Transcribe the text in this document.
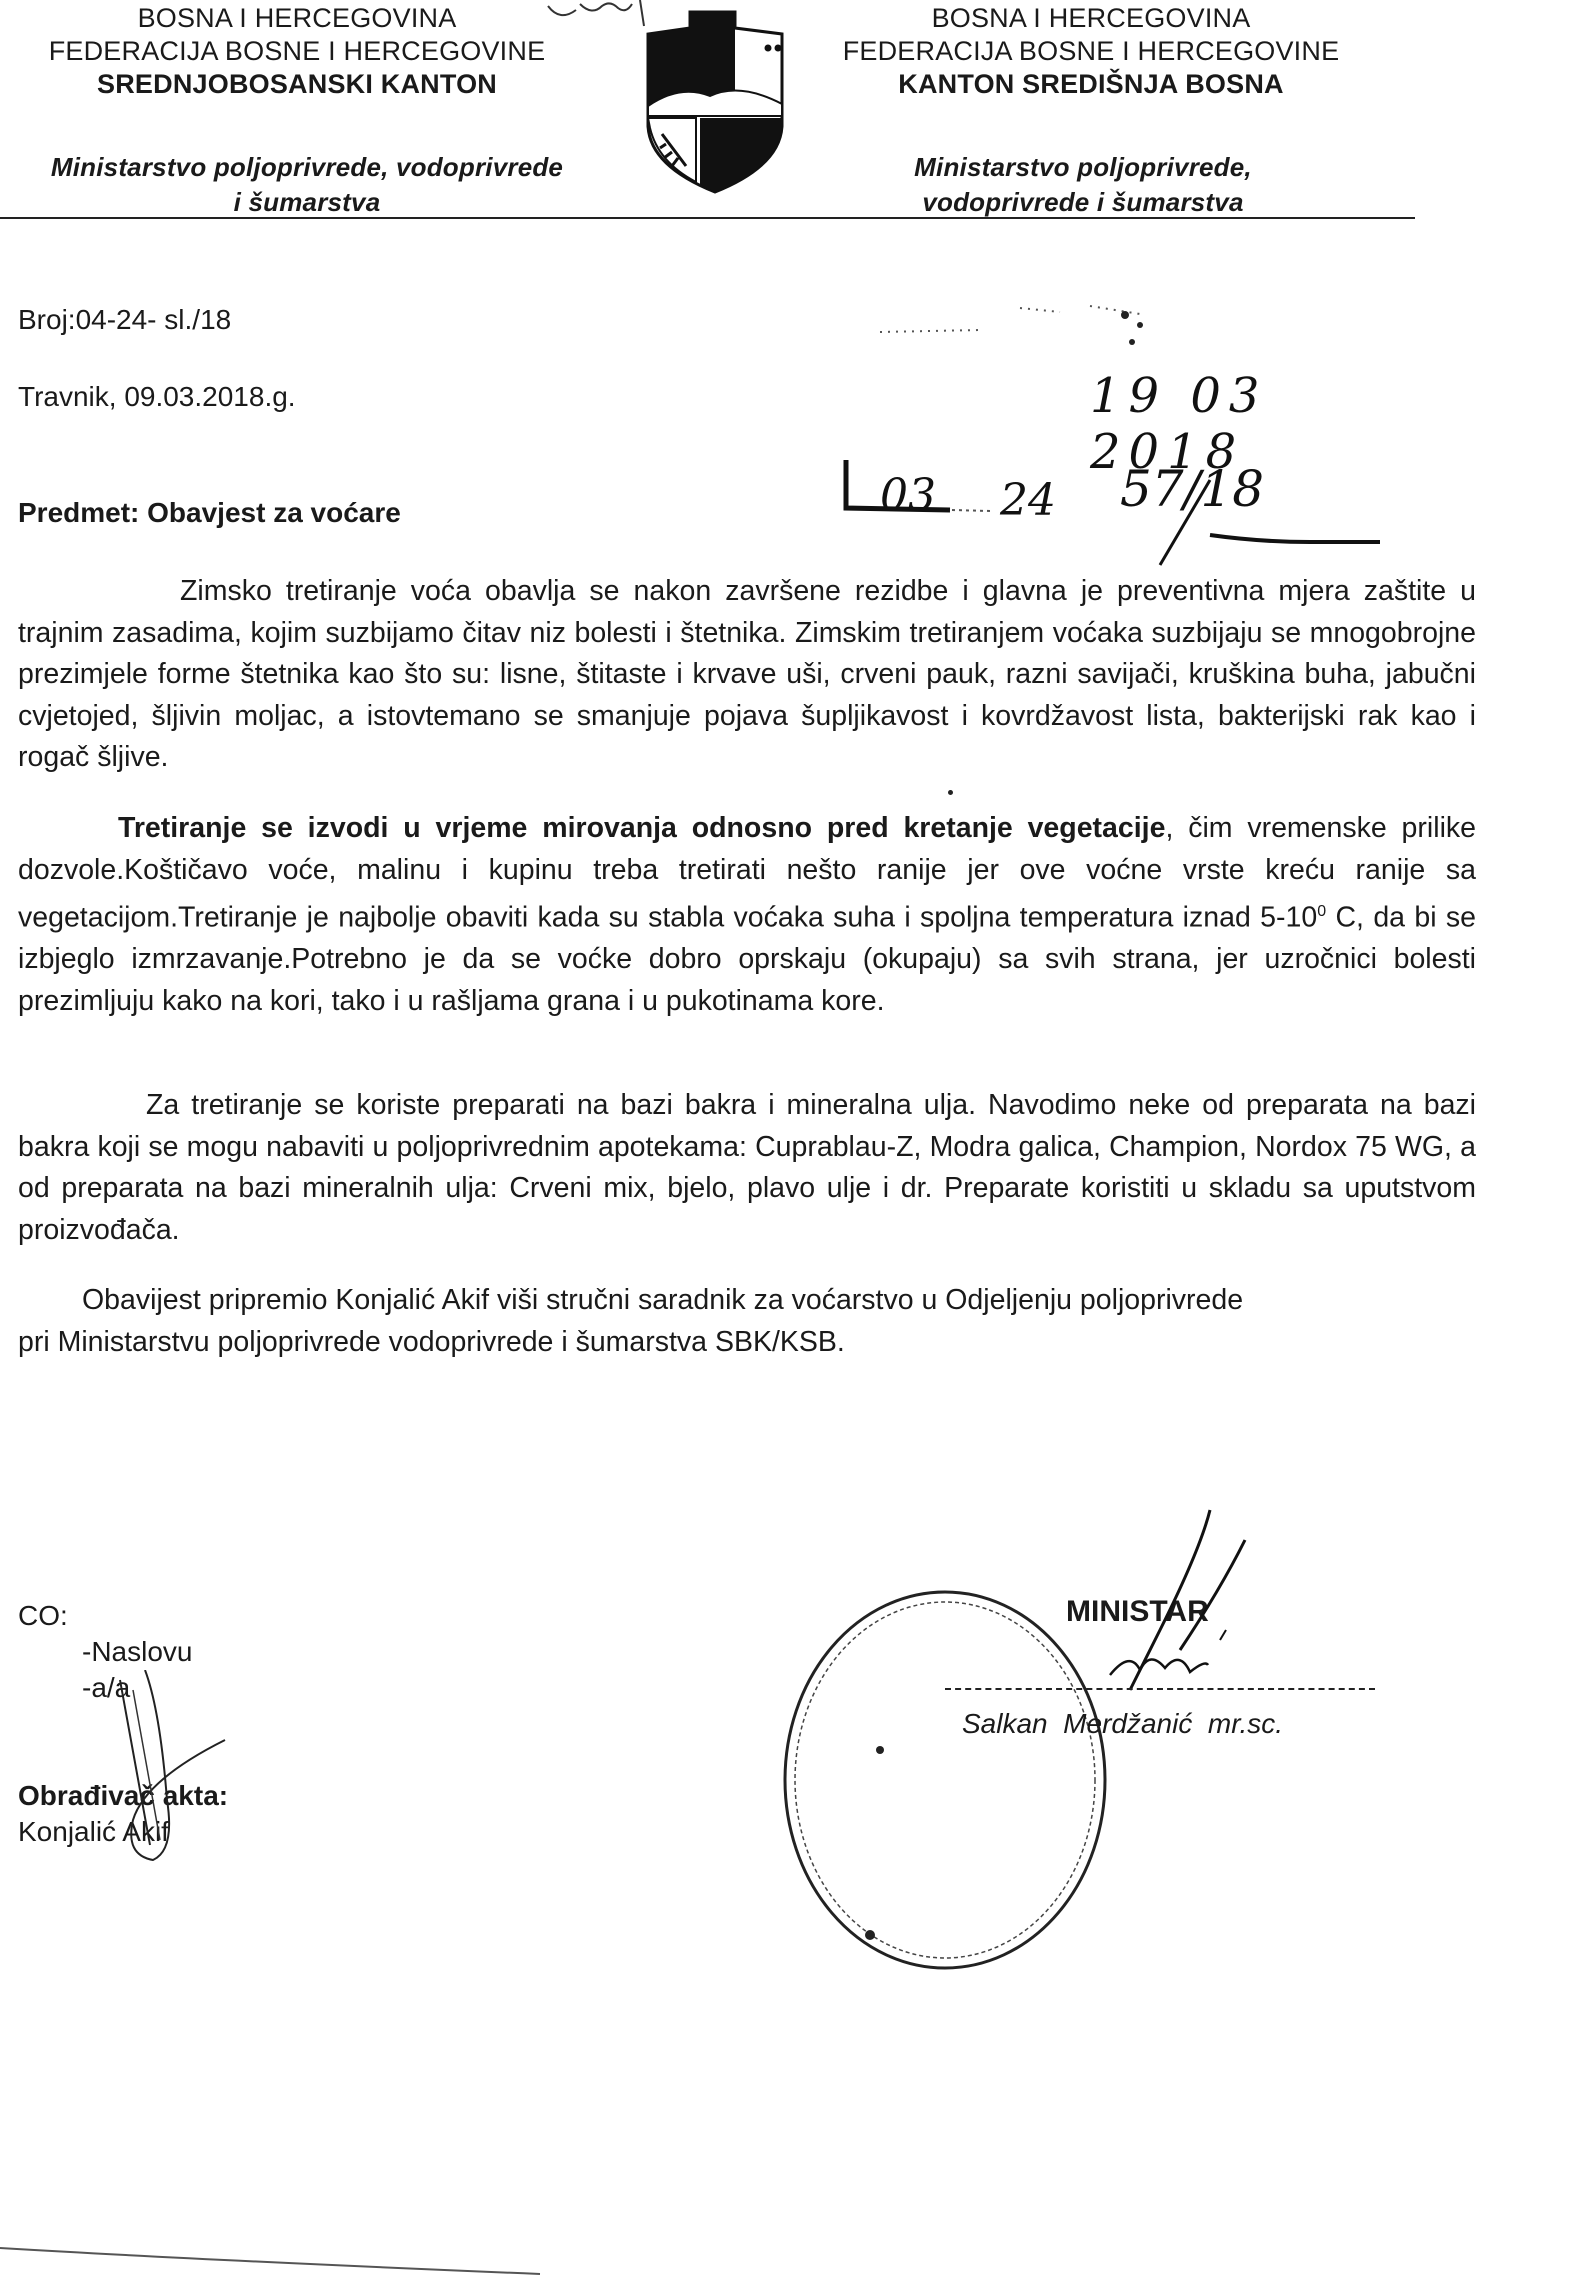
BOSNA I HERCEGOVINA
FEDERACIJA BOSNE I HERCEGOVINE
SREDNJOBOSANSKI KANTON
Ministarstvo poljoprivrede, vodoprivrede
i šumarstva
BOSNA I HERCEGOVINA
FEDERACIJA BOSNE I HERCEGOVINE
KANTON SREDIŠNJA BOSNA
Ministarstvo poljoprivrede,
vodoprivrede i šumarstva
Broj:04-24- sl./18
Travnik, 09.03.2018.g.	19 03 2018
03 24 57/18
Predmet: Obavjest za voćare
Zimsko tretiranje voća obavlja se nakon završene rezidbe i glavna je preventivna mjera zaštite u trajnim zasadima, kojim suzbijamo čitav niz bolesti i štetnika. Zimskim tretiranjem voćaka suzbijaju se mnogobrojne prezimjele forme štetnika kao što su: lisne, štitaste i krvave uši, crveni pauk, razni savijači, kruškina buha, jabučni cvjetojed, šljivin moljac, a istovtemano se smanjuje pojava šupljikavost i kovrdžavost lista, bakterijski rak kao i rogač šljive.
Tretiranje se izvodi u vrjeme mirovanja odnosno pred kretanje vegetacije, čim vremenske prilike dozvole.Koštičavo voće, malinu i kupinu treba tretirati nešto ranije jer ove voćne vrste kreću ranije sa vegetacijom.Tretiranje je najbolje obaviti kada su stabla voćaka suha i spoljna temperatura iznad $5-10^0$ C, da bi se izbjeglo izmrzavanje.Potrebno je da se voćke dobro oprskaju (okupaju) sa svih strana, jer uzročnici bolesti prezimljuju kako na kori, tako i u rašljama grana i u pukotinama kore.
Za tretiranje se koriste preparati na bazi bakra i mineralna ulja. Navodimo neke od preparata na bazi bakra koji se mogu nabaviti u poljoprivrednim apotekama: Cuprablau-Z, Modra galica, Champion, Nordox 75 WG, a od preparata na bazi mineralnih ulja: Crveni mix, bjelo, plavo ulje i dr. Preparate koristiti u skladu sa uputstvom proizvođača.
Obavijest pripremio Konjalić Akif viši stručni saradnik za voćarstvo u Odjeljenju poljoprivrede
pri Ministarstvu poljoprivrede vodoprivrede i šumarstva SBK/KSB.
CO:
-Naslovu
-a/a
Obrađivač akta:
Konjalić Akif
MINISTAR
Salkan  Merdžanić  mr.sc.
